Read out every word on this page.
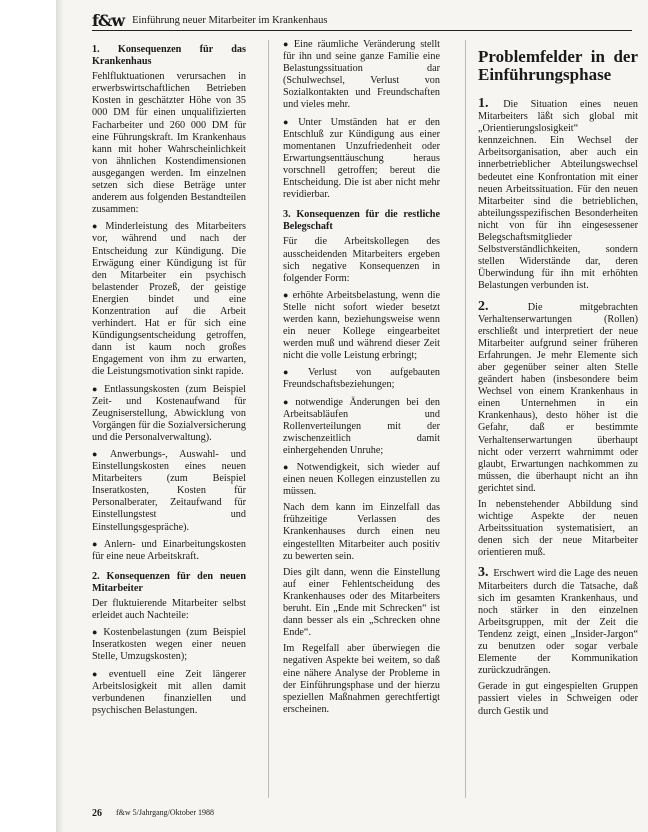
f&w Einführung neuer Mitarbeiter im Krankenhaus
1. Konsequenzen für das Krankenhaus

Fehlfluktuationen verursachen in erwerbswirtschaftlichen Betrieben Kosten in geschätzter Höhe von 35 000 DM für einen unqualifizierten Facharbeiter und 260 000 DM für eine Führungskraft. Im Krankenhaus kann mit hoher Wahrscheinlichkeit von ähnlichen Kostendimensionen ausgegangen werden. Im einzelnen setzen sich diese Beträge unter anderem aus folgenden Bestandteilen zusammen:

● Minderleistung des Mitarbeiters vor, während und nach der Entscheidung zur Kündigung. Die Erwägung einer Kündigung ist für den Mitarbeiter ein psychisch belastender Prozeß, der geistige Energien bindet und eine Konzentration auf die Arbeit verhindert. Hat er für sich eine Kündigungsentscheidung getroffen, dann ist kaum noch großes Engagement von ihm zu erwarten, die Leistungsmotivation sinkt rapide.

● Entlassungskosten (zum Beispiel Zeit- und Kostenaufwand für Zeugniserstellung, Abwicklung von Vorgängen für die Sozialversicherung und die Personalverwaltung).

● Anwerbungs-, Auswahl- und Einstellungskosten eines neuen Mitarbeiters (zum Beispiel Inseratkosten, Kosten für Personalberater, Zeitaufwand für Einstellungstest und Einstellungsgespräche).

● Anlern- und Einarbeitungskosten für eine neue Arbeitskraft.

2. Konsequenzen für den neuen Mitarbeiter

Der fluktuierende Mitarbeiter selbst erleidet auch Nachteile:

● Kostenbelastungen (zum Beispiel Inseratkosten wegen einer neuen Stelle, Umzugskosten);

● eventuell eine Zeit längerer Arbeitslosigkeit mit allen damit verbundenen finanziellen und psychischen Belastungen.

● Eine räumliche Veränderung stellt für ihn und seine ganze Familie eine Belastungssituation dar (Schulwechsel, Verlust von Sozialkontakten und Freundschaften und vieles mehr.

● Unter Umständen hat er den Entschluß zur Kündigung aus einer momentanen Unzufriedenheit oder Erwartungsenttäuschung heraus vorschnell getroffen; bereut die Entscheidung. Die ist aber nicht mehr revidierbar.

3. Konsequenzen für die restliche Belegschaft

Für die Arbeitskollegen des ausscheidenden Mitarbeiters ergeben sich negative Konsequenzen in folgender Form:

● erhöhte Arbeitsbelastung, wenn die Stelle nicht sofort wieder besetzt werden kann, beziehungsweise wenn ein neuer Kollege eingearbeitet werden muß und während dieser Zeit nicht die volle Leistung erbringt;

● Verlust von aufgebauten Freundschaftsbeziehungen;

● notwendige Änderungen bei den Arbeitsabläufen und Rollenverteilungen mit der zwischenzeitlich damit einhergehenden Unruhe;

● Notwendigkeit, sich wieder auf einen neuen Kollegen einzustellen zu müssen.

Nach dem kann im Einzelfall das frühzeitige Verlassen des Krankenhauses durch einen neu eingestellten Mitarbeiter auch positiv zu bewerten sein.

Dies gilt dann, wenn die Einstellung auf einer Fehlentscheidung des Krankenhauses oder des Mitarbeiters beruht. Ein „Ende mit Schrecken“ ist dann besser als ein „Schrecken ohne Ende“.

Im Regelfall aber überwiegen die negativen Aspekte bei weitem, so daß eine nähere Analyse der Probleme in der Einführungsphase und der hierzu speziellen Maßnahmen gerechtfertigt erscheinen.

Problemfelder in der Einführungsphase

1. Die Situation eines neuen Mitarbeiters läßt sich global mit „Orientierungslosigkeit“ kennzeichnen. Ein Wechsel der Arbeitsorganisation, aber auch ein innerbetrieblicher Abteilungswechsel bedeutet eine Konfrontation mit einer neuen Arbeitssituation. Für den neuen Mitarbeiter sind die betrieblichen, abteilungsspezifischen Besonderheiten nicht von für ihn eingesessener Belegschaftsmitglieder Selbstverständlichkeiten, sondern stellen Widerstände dar, deren Überwindung für ihn mit erhöhten Belastungen verbunden ist.

2.	Die mitgebrachten Verhaltenserwartungen (Rollen) erschließt und interpretiert der neue Mitarbeiter aufgrund seiner früheren Erfahrungen. Je mehr Elemente sich aber gegenüber seiner alten Stelle geändert haben (insbesondere beim Wechsel von einem Krankenhaus in einen Unternehmen in ein Krankenhaus), desto höher ist die Gefahr, daß er bestimmte Verhaltenserwartungen überhaupt nicht oder verzerrt wahrnimmt oder glaubt, Erwartungen nachkommen zu müssen, die überhaupt nicht an ihn gerichtet sind.

In nebenstehender Abbildung sind wichtige Aspekte der neuen Arbeitssituation systematisiert, an denen sich der neue Mitarbeiter orientieren muß.

3. Erschwert wird die Lage des neuen Mitarbeiters durch die Tatsache, daß sich im gesamten Krankenhaus, und noch stärker in den einzelnen Arbeitsgruppen, mit der Zeit die Tendenz zeigt, einen „Insider-Jargon“ zu benutzen oder sogar verbale Elemente der Kommunikation zurückzudrängen.

Gerade in gut eingespielten Gruppen passiert vieles in Schweigen oder durch Gestik und

26 f&w 5/Jahrgang/Oktober 1988
